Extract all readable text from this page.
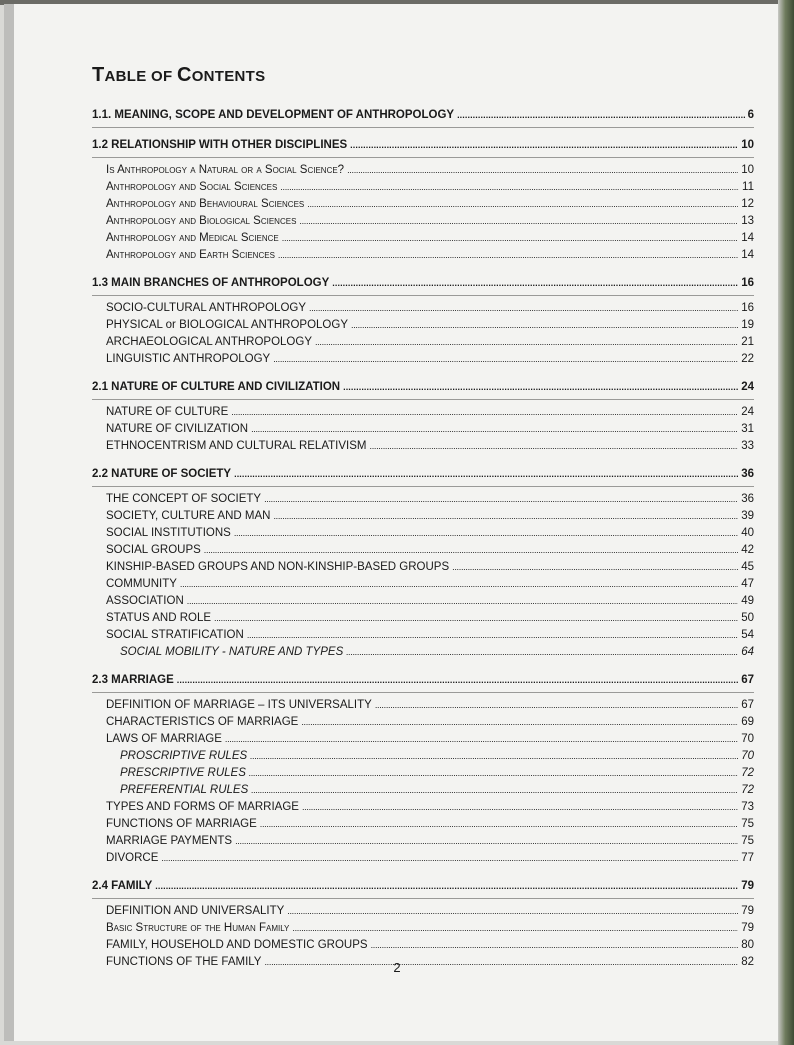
TABLE OF CONTENTS
1.1. MEANING, SCOPE AND DEVELOPMENT OF ANTHROPOLOGY . . .	6
1.2 RELATIONSHIP WITH OTHER DISCIPLINES . . .	10
Is Anthropology a Natural or a Social Science? . . .	10
Anthropology and Social Sciences . . .	11
Anthropology and Behavioural Sciences . . .	12
Anthropology and Biological Sciences . . .	13
Anthropology and Medical Science . . .	14
Anthropology and Earth Sciences . . .	14
1.3 MAIN BRANCHES OF ANTHROPOLOGY . . .	16
SOCIO-CULTURAL ANTHROPOLOGY . . .	16
PHYSICAL or BIOLOGICAL ANTHROPOLOGY . . .	19
ARCHAEOLOGICAL ANTHROPOLOGY . . .	21
LINGUISTIC ANTHROPOLOGY . . .	22
2.1 NATURE OF CULTURE AND CIVILIZATION . . .	24
NATURE OF CULTURE . . .	24
NATURE OF CIVILIZATION . . .	31
ETHNOCENTRISM AND CULTURAL RELATIVISM . . .	33
2.2 NATURE OF SOCIETY . . .	36
THE CONCEPT OF SOCIETY . . .	36
SOCIETY, CULTURE AND MAN . . .	39
SOCIAL INSTITUTIONS . . .	40
SOCIAL GROUPS . . .	42
KINSHIP-BASED GROUPS AND NON-KINSHIP-BASED GROUPS . . .	45
COMMUNITY . . .	47
ASSOCIATION . . .	49
STATUS AND ROLE . . .	50
SOCIAL STRATIFICATION . . .	54
SOCIAL MOBILITY - NATURE AND TYPES . . .	64
2.3 MARRIAGE . . .	67
DEFINITION OF MARRIAGE – ITS UNIVERSALITY . . .	67
CHARACTERISTICS OF MARRIAGE . . .	69
LAWS OF MARRIAGE . . .	70
PROSCRIPTIVE RULES . . .	70
PRESCRIPTIVE RULES . . .	72
PREFERENTIAL RULES . . .	72
TYPES AND FORMS OF MARRIAGE . . .	73
FUNCTIONS OF MARRIAGE . . .	75
MARRIAGE PAYMENTS . . .	75
DIVORCE . . .	77
2.4 FAMILY . . .	79
DEFINITION AND UNIVERSALITY . . .	79
Basic Structure of the Human Family . . .	79
FAMILY, HOUSEHOLD AND DOMESTIC GROUPS . . .	80
FUNCTIONS OF THE FAMILY . . .	82
2
